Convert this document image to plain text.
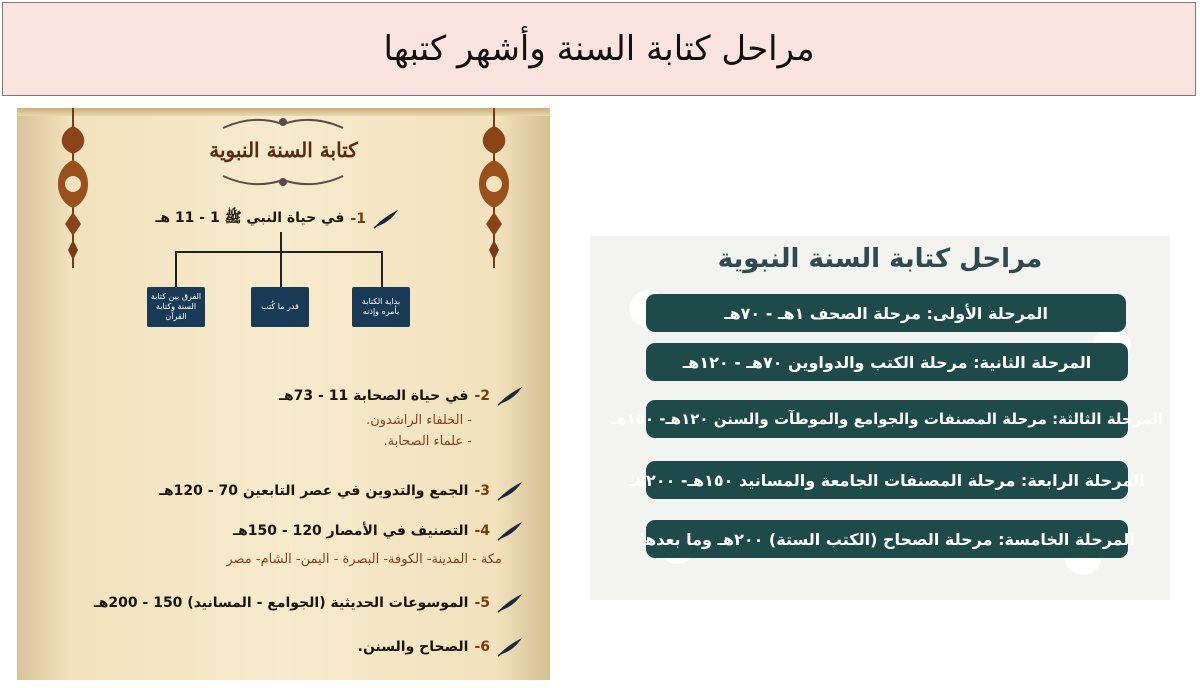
مراحل كتابة السنة وأشهر كتبها
كتابة السنة النبوية
1-
في حياة النبي ﷺ 1 - 11 هـ
بداية الكتابة بأمره وإذنه
قدر ما كُتب
الفرق بين كتابة السنة وكتابة القرآن
2-
في حياة الصحابة 11 - 73هـ
- الخلفاء الراشدون.
- علماء الصحابة.
3-
الجمع والتدوين في عصر التابعين 70 - 120هـ
4-
التصنيف في الأمصار 120 - 150هـ
مكة - المدينة- الكوفة- البصرة - اليمن- الشام- مصر
5-
الموسوعات الحديثية (الجوامع - المسانيد) 150 - 200هـ
6-
الصحاح والسنن.
مراحل كتابة السنة النبوية
المرحلة الأولى: مرحلة الصحف ١هـ - ٧٠هـ
المرحلة الثانية: مرحلة الكتب والدواوين ٧٠هـ - ١٢٠هـ
المرحلة الثالثة: مرحلة المصنفات والجوامع والموطآت والسنن ١٢٠هـ- ١٥٠هـ
المرحلة الرابعة: مرحلة المصنفات الجامعة والمسانيد ١٥٠هـ- ٢٠٠هـ
المرحلة الخامسة: مرحلة الصحاح (الكتب الستة) ٢٠٠هـ وما بعدها
